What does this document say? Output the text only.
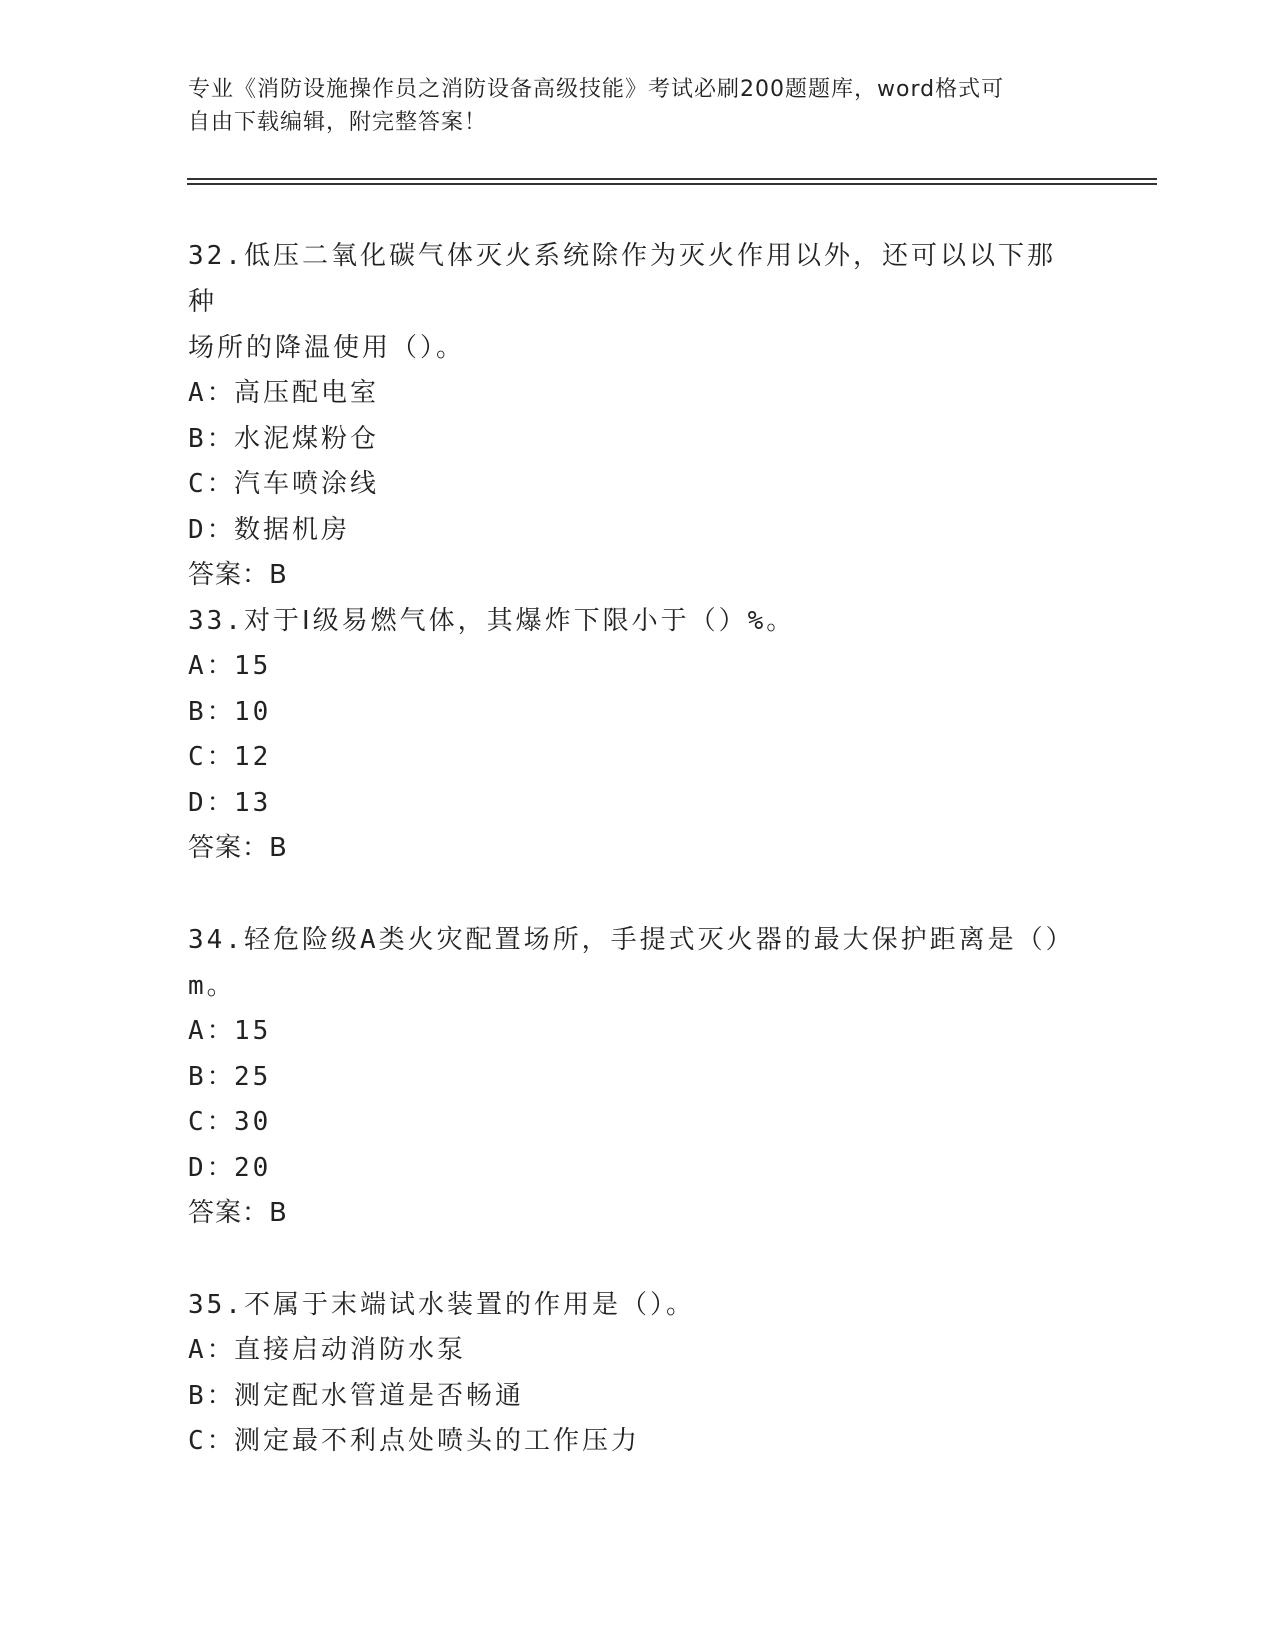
专业《消防设施操作员之消防设备高级技能》考试必刷200题题库，word格式可
自由下载编辑，附完整答案！
32.低压二氧化碳气体灭火系统除作为灭火作用以外，还可以以下那种
场所的降温使用（）。
A：高压配电室
B：水泥煤粉仓
C：汽车喷涂线
D：数据机房
答案：B
33.对于Ⅰ级易燃气体，其爆炸下限小于（）%。
A：15
B：10
C：12
D：13
答案：B
34.轻危险级A类火灾配置场所，手提式灭火器的最大保护距离是（）
m。
A：15
B：25
C：30
D：20
答案：B
35.不属于末端试水装置的作用是（）。
A：直接启动消防水泵
B：测定配水管道是否畅通
C：测定最不利点处喷头的工作压力
